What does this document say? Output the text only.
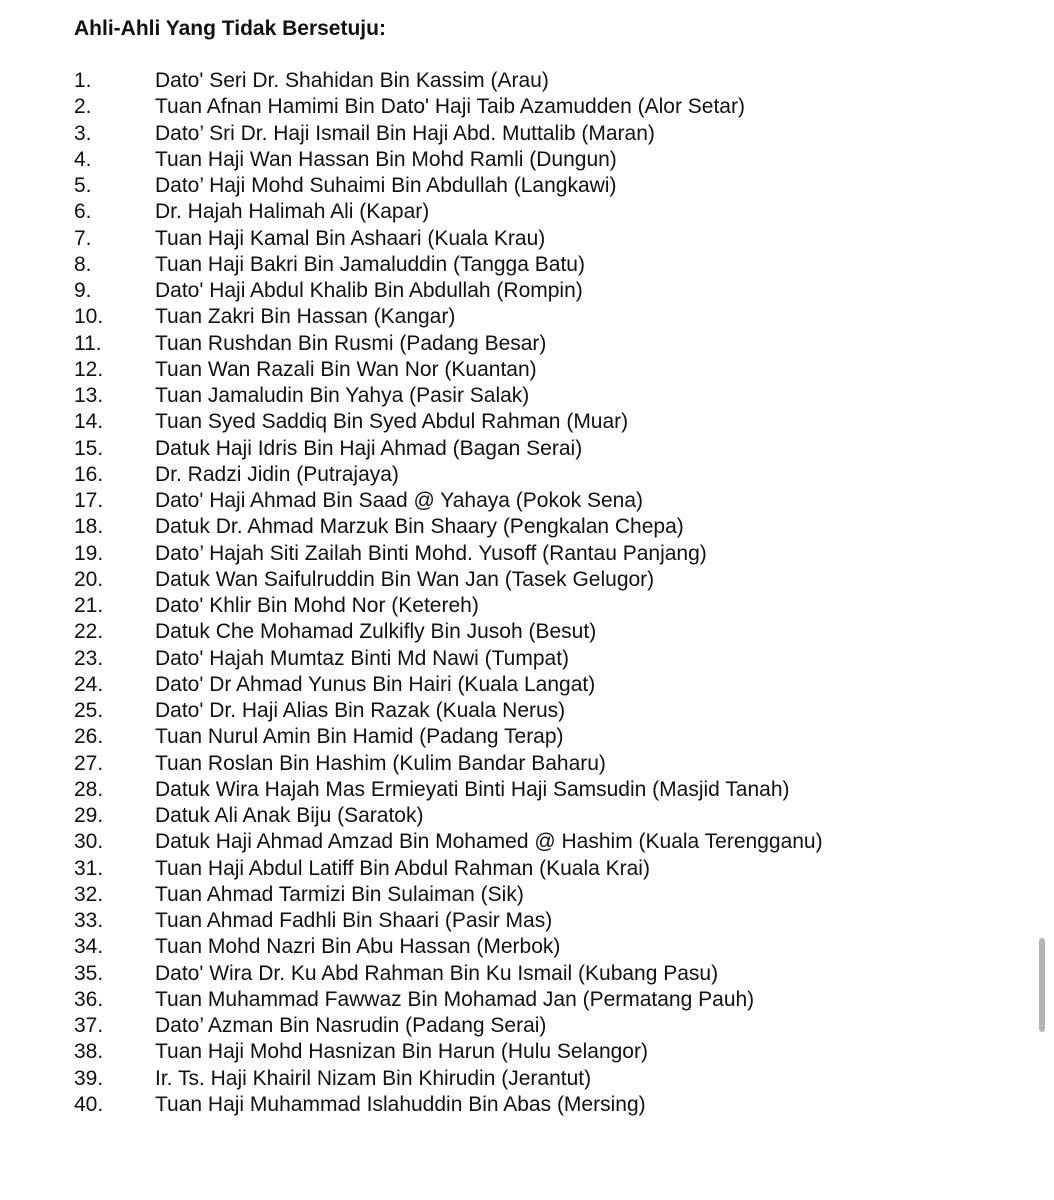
Ahli-Ahli Yang Tidak Bersetuju:
1.	Dato' Seri Dr. Shahidan Bin Kassim (Arau)
2.	Tuan Afnan Hamimi Bin Dato' Haji Taib Azamudden (Alor Setar)
3.	Dato’ Sri Dr. Haji Ismail Bin Haji Abd. Muttalib (Maran)
4.	Tuan Haji Wan Hassan Bin Mohd Ramli (Dungun)
5.	Dato’ Haji Mohd Suhaimi Bin Abdullah (Langkawi)
6.	Dr. Hajah Halimah Ali (Kapar)
7.	Tuan Haji Kamal Bin Ashaari (Kuala Krau)
8.	Tuan Haji Bakri Bin Jamaluddin (Tangga Batu)
9.	Dato' Haji Abdul Khalib Bin Abdullah (Rompin)
10.	Tuan Zakri Bin Hassan (Kangar)
11.	Tuan Rushdan Bin Rusmi (Padang Besar)
12.	Tuan Wan Razali Bin Wan Nor (Kuantan)
13.	Tuan Jamaludin Bin Yahya (Pasir Salak)
14.	Tuan Syed Saddiq Bin Syed Abdul Rahman (Muar)
15.	Datuk Haji Idris Bin Haji Ahmad (Bagan Serai)
16.	Dr. Radzi Jidin (Putrajaya)
17.	Dato' Haji Ahmad Bin Saad @ Yahaya (Pokok Sena)
18.	Datuk Dr. Ahmad Marzuk Bin Shaary (Pengkalan Chepa)
19.	Dato’ Hajah Siti Zailah Binti Mohd. Yusoff (Rantau Panjang)
20.	Datuk Wan Saifulruddin Bin Wan Jan (Tasek Gelugor)
21.	Dato' Khlir Bin Mohd Nor (Ketereh)
22.	Datuk Che Mohamad Zulkifly Bin Jusoh (Besut)
23.	Dato' Hajah Mumtaz Binti Md Nawi (Tumpat)
24.	Dato' Dr Ahmad Yunus Bin Hairi (Kuala Langat)
25.	Dato' Dr. Haji Alias Bin Razak (Kuala Nerus)
26.	Tuan Nurul Amin Bin Hamid (Padang Terap)
27.	Tuan Roslan Bin Hashim (Kulim Bandar Baharu)
28.	Datuk Wira Hajah Mas Ermieyati Binti Haji Samsudin (Masjid Tanah)
29.	Datuk Ali Anak Biju (Saratok)
30.	Datuk Haji Ahmad Amzad Bin Mohamed @ Hashim (Kuala Terengganu)
31.	Tuan Haji Abdul Latiff Bin Abdul Rahman (Kuala Krai)
32.	Tuan Ahmad Tarmizi Bin Sulaiman (Sik)
33.	Tuan Ahmad Fadhli Bin Shaari (Pasir Mas)
34.	Tuan Mohd Nazri Bin Abu Hassan (Merbok)
35.	Dato' Wira Dr. Ku Abd Rahman Bin Ku Ismail (Kubang Pasu)
36.	Tuan Muhammad Fawwaz Bin Mohamad Jan (Permatang Pauh)
37.	Dato’ Azman Bin Nasrudin (Padang Serai)
38.	Tuan Haji Mohd Hasnizan Bin Harun (Hulu Selangor)
39.	Ir. Ts. Haji Khairil Nizam Bin Khirudin (Jerantut)
40.	Tuan Haji Muhammad Islahuddin Bin Abas (Mersing)
